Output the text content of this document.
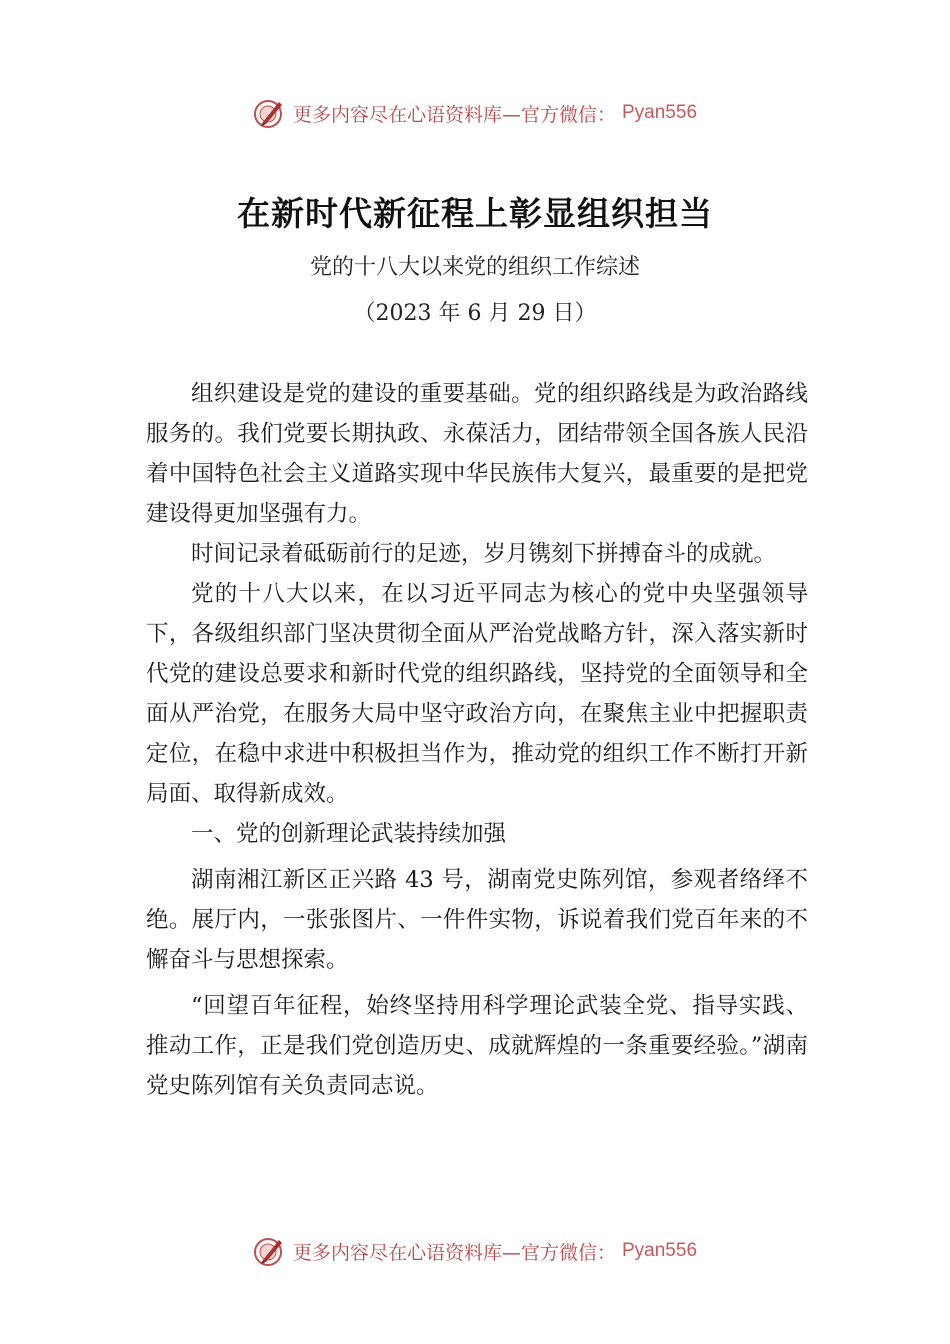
更多内容尽在心语资料库—官方微信： Pyan556
在新时代新征程上彰显组织担当
党的十八大以来党的组织工作综述
（2023 年 6 月 29 日）

组织建设是党的建设的重要基础。党的组织路线是为政治路线服务的。我们党要长期执政、永葆活力，团结带领全国各族人民沿着中国特色社会主义道路实现中华民族伟大复兴，最重要的是把党建设得更加坚强有力。

时间记录着砥砺前行的足迹，岁月镌刻下拼搏奋斗的成就。

党的十八大以来，在以习近平同志为核心的党中央坚强领导下，各级组织部门坚决贯彻全面从严治党战略方针，深入落实新时代党的建设总要求和新时代党的组织路线，坚持党的全面领导和全面从严治党，在服务大局中坚守政治方向，在聚焦主业中把握职责定位，在稳中求进中积极担当作为，推动党的组织工作不断打开新局面、取得新成效。

一、党的创新理论武装持续加强

湖南湘江新区正兴路 43 号，湖南党史陈列馆，参观者络绎不绝。展厅内，一张张图片、一件件实物，诉说着我们党百年来的不懈奋斗与思想探索。

“回望百年征程，始终坚持用科学理论武装全党、指导实践、推动工作，正是我们党创造历史、成就辉煌的一条重要经验。”湖南党史陈列馆有关负责同志说。

更多内容尽在心语资料库—官方微信： Pyan556
